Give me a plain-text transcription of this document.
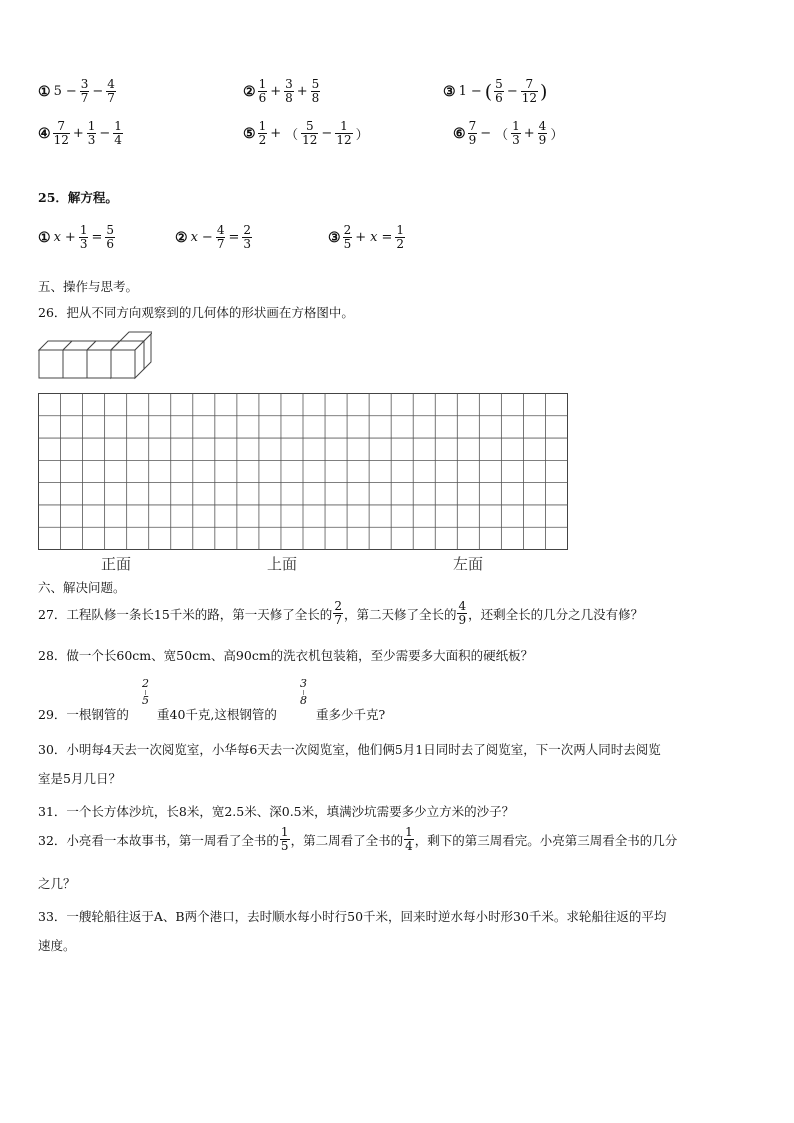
① $5 - \frac{3}{7} - \frac{4}{7}$	② $\frac{1}{6} + \frac{3}{8} + \frac{5}{8}$	③ 1 − ( $\frac{5}{6} - \frac{7}{12}$ )
④ $\frac{7}{12} + \frac{1}{3} - \frac{1}{4}$	⑤ $\frac{1}{2}$ + （ $\frac{5}{12} - \frac{1}{12}$ ）	⑥ $\frac{7}{9}$ − （ $\frac{1}{3} + \frac{4}{9}$ ）
25．解方程。
① $x + \frac{1}{3} = \frac{5}{6}$	② $x - \frac{4}{7} = \frac{2}{3}$	③ $\frac{2}{5} + x = \frac{1}{2}$
五、操作与思考。
26．把从不同方向观察到的几何体的形状画在方格图中。
正面	上面	左面
六、解决问题。
27．工程队修一条长15千米的路，第一天修了全长的 $\frac{2}{7}$ ，第二天修了全长的 $\frac{4}{9}$ ，还剩全长的几分之几没有修？
28．做一个长60cm、宽50cm、高90cm的洗衣机包装箱，至少需要多大面积的硬纸板？
29．一根钢管的
2
5
重40千克,这根钢管的
3
8
重多少千克?
30．小明每4天去一次阅览室，小华每6天去一次阅览室，他们俩5月1日同时去了阅览室，下一次两人同时去阅览
室是5月几日？
31．一个长方体沙坑，长8米，宽2.5米、深0.5米，填满沙坑需要多少立方米的沙子？
32．小亮看一本故事书，第一周看了全书的 $\frac{1}{5}$ ，第二周看了全书的 $\frac{1}{4}$ ，剩下的第三周看完。小亮第三周看全书的几分
之几？
33．一艘轮船往返于A、B两个港口，去时顺水每小时行50千米，回来时逆水每小时形30千米。求轮船往返的平均
速度。
